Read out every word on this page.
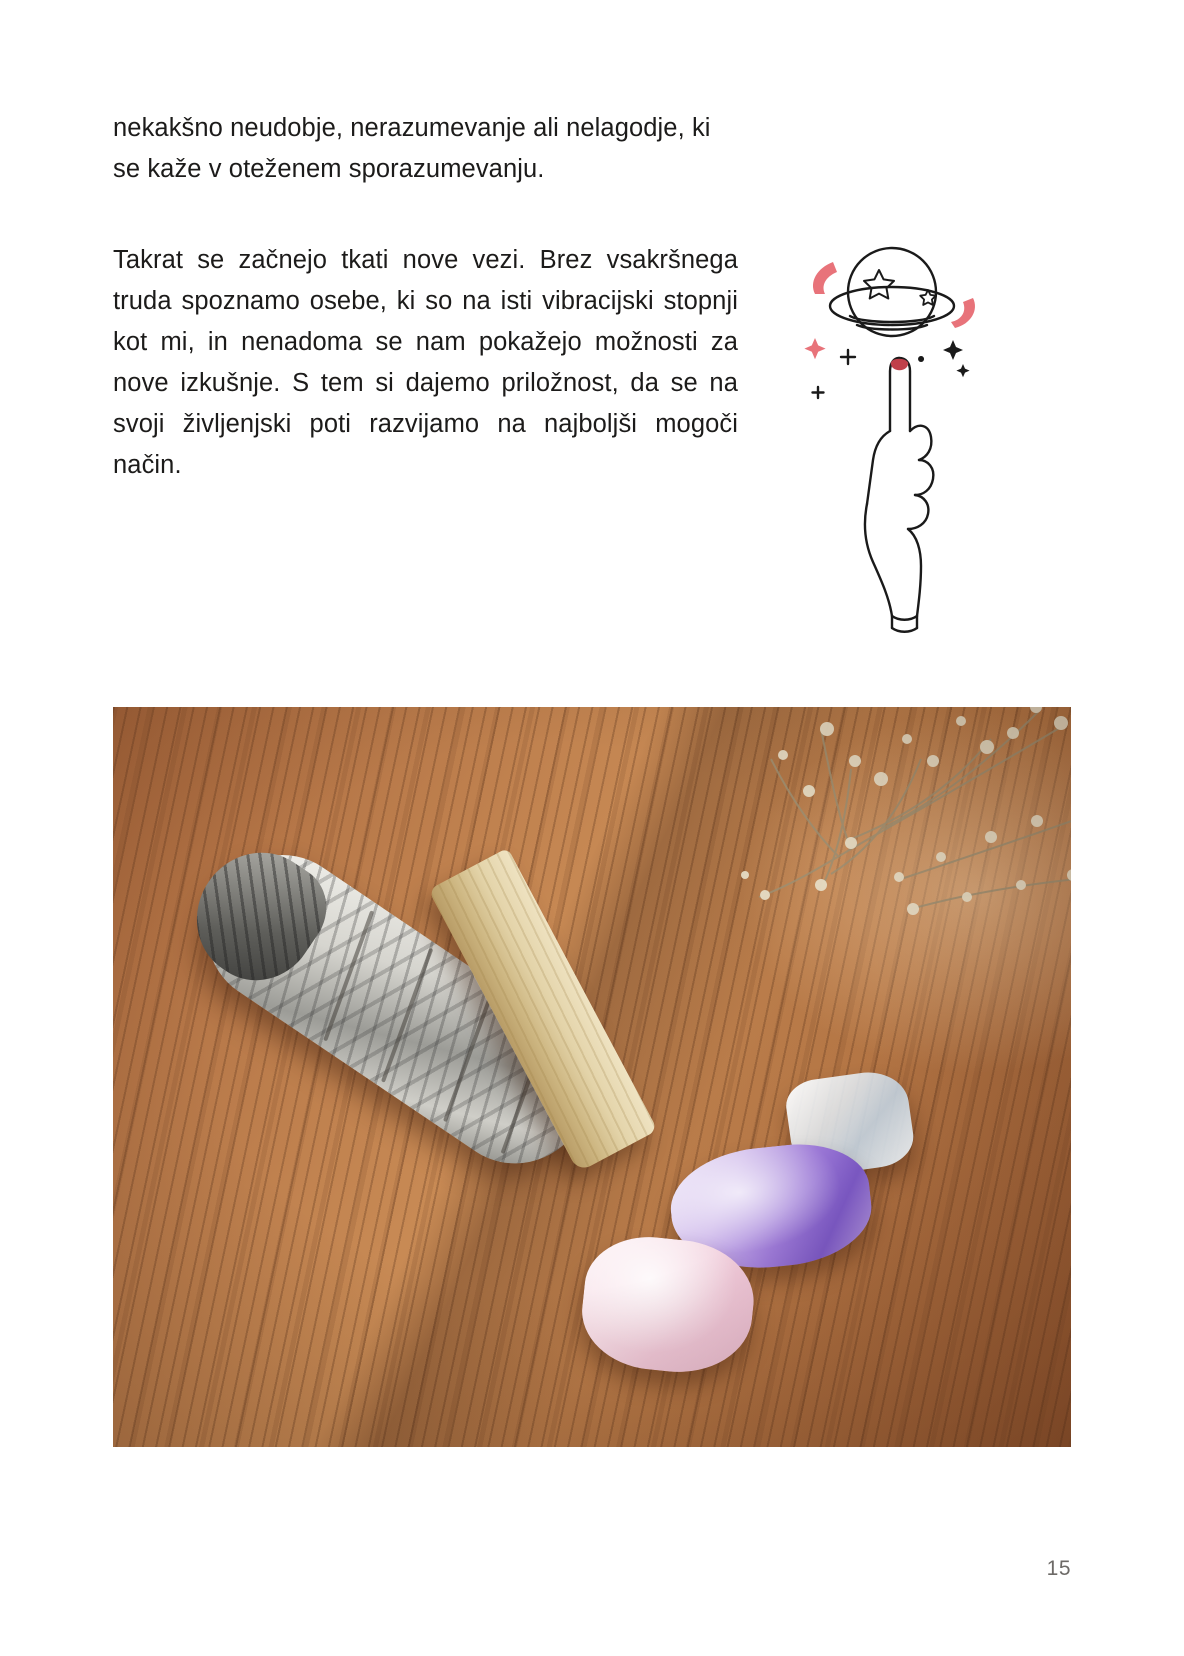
nekakšno neudobje, nerazumevanje ali nelagodje, ki se kaže v oteženem sporazumevanju.

Takrat se začnejo tkati nove vezi. Brez vsakršnega truda spoznamo osebe, ki so na isti vibracijski stopnji kot mi, in nenadoma se nam pokažejo možnosti za nove izkušnje. S tem si dajemo priložnost, da se na svoji življenjski poti razvijamo na najboljši mogoči način.

15
